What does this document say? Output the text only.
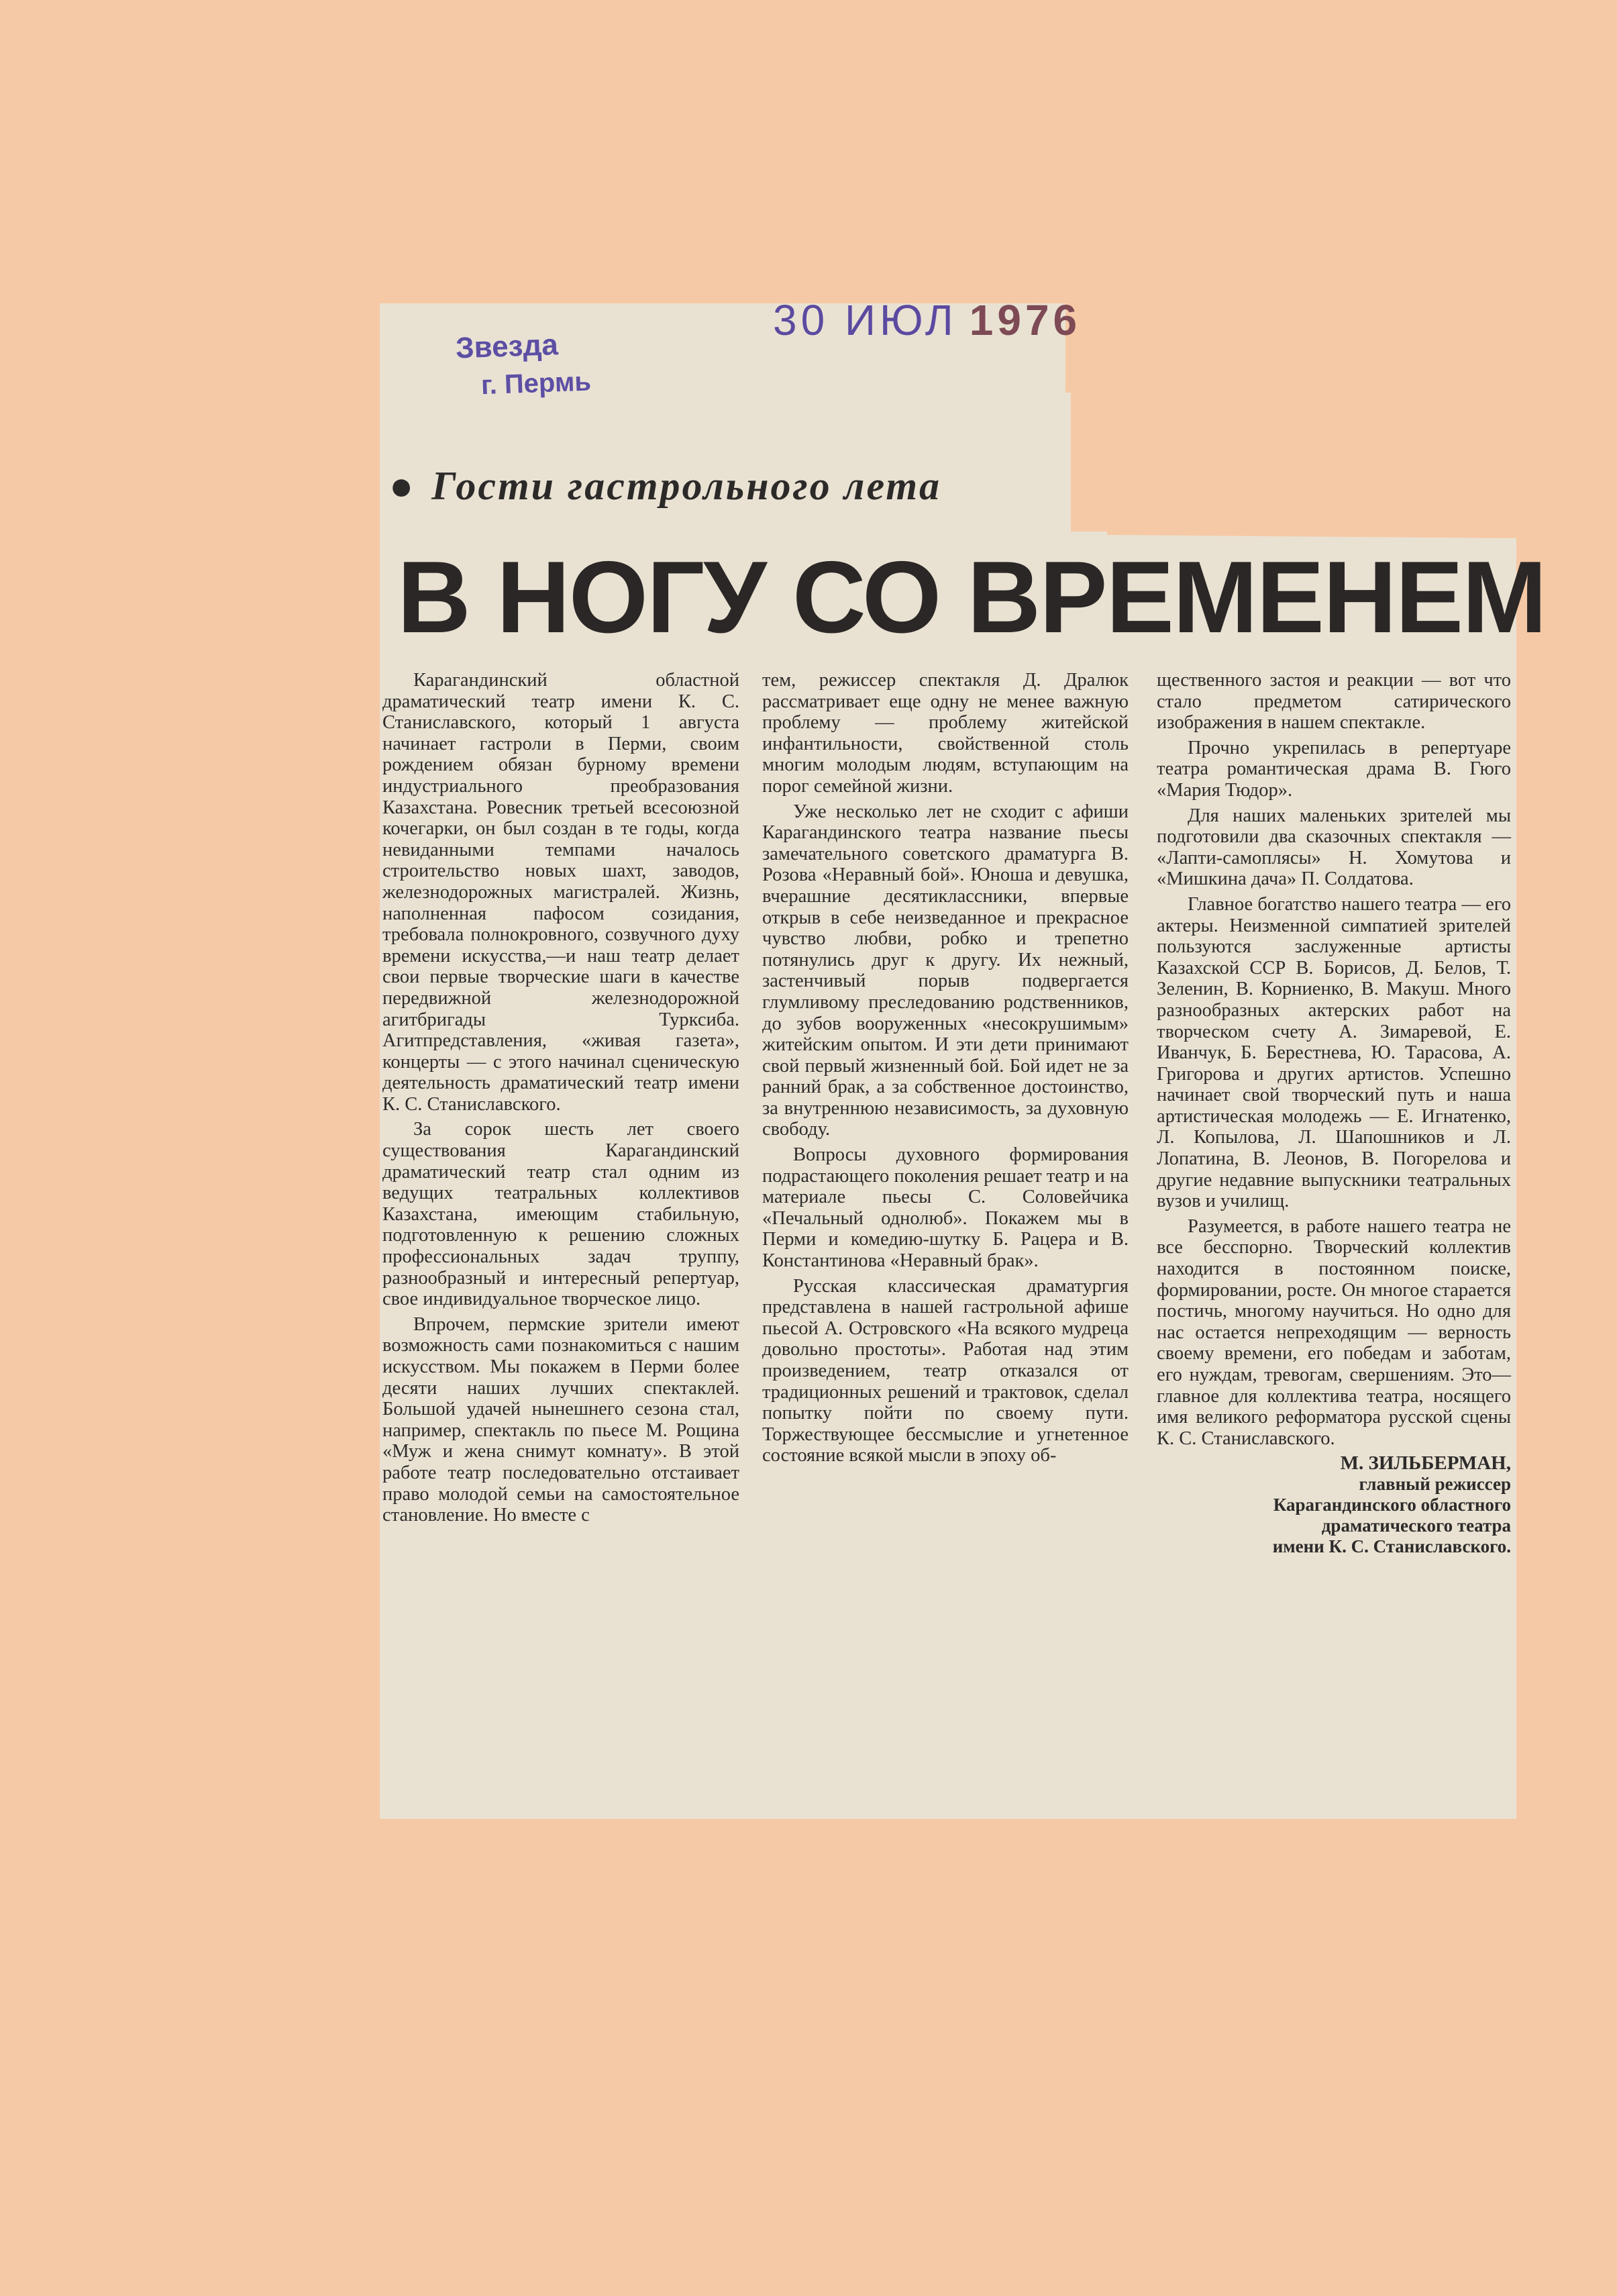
Звезда
г. Пермь
30 ИЮЛ 1976
● Гости гастрольного лета
В НОГУ СО ВРЕМЕНЕМ

Карагандинский областной драматический театр имени К. С. Станиславского, который 1 августа начинает гастроли в Перми, своим рождением обязан бурному времени индустриального преобразования Казахстана. Ровесник третьей всесоюзной кочегарки, он был создан в те годы, когда невиданными темпами началось строительство новых шахт, заводов, железнодорожных магистралей. Жизнь, наполненная пафосом созидания, требовала полнокровного, созвучного духу времени искусства,—и наш театр делает свои первые творческие шаги в качестве передвижной железнодорожной агитбригады Турксиба. Агитпредставления, «живая газета», концерты — с этого начинал сценическую деятельность драматический театр имени К. С. Станиславского.

За сорок шесть лет своего существования Карагандинский драматический театр стал одним из ведущих театральных коллективов Казахстана, имеющим стабильную, подготовленную к решению сложных профессиональных задач труппу, разнообразный и интересный репертуар, свое индивидуальное творческое лицо.

Впрочем, пермские зрители имеют возможность сами познакомиться с нашим искусством. Мы покажем в Перми более десяти наших лучших спектаклей. Большой удачей нынешнего сезона стал, например, спектакль по пьесе М. Рощина «Муж и жена снимут комнату». В этой работе театр последовательно отстаивает право молодой семьи на самостоятельное становление. Но вместе с

тем, режиссер спектакля Д. Дралюк рассматривает еще одну не менее важную проблему — проблему житейской инфантильности, свойственной столь многим молодым людям, вступающим на порог семейной жизни.

Уже несколько лет не сходит с афиши Карагандинского театра название пьесы замечательного советского драматурга В. Розова «Неравный бой». Юноша и девушка, вчерашние десятиклассники, впервые открыв в себе неизведанное и прекрасное чувство любви, робко и трепетно потянулись друг к другу. Их нежный, застенчивый порыв подвергается глумливому преследованию родственников, до зубов вооруженных «несокрушимым» житейским опытом. И эти дети принимают свой первый жизненный бой. Бой идет не за ранний брак, а за собственное достоинство, за внутреннюю независимость, за духовную свободу.

Вопросы духовного формирования подрастающего поколения решает театр и на материале пьесы С. Соловейчика «Печальный однолюб». Покажем мы в Перми и комедию-шутку Б. Рацера и В. Константинова «Неравный брак».

Русская классическая драматургия представлена в нашей гастрольной афише пьесой А. Островского «На всякого мудреца довольно простоты». Работая над этим произведением, театр отказался от традиционных решений и трактовок, сделал попытку пойти по своему пути. Торжествующее бессмыслие и угнетенное состояние всякой мысли в эпоху об-

щественного застоя и реакции — вот что стало предметом сатирического изображения в нашем спектакле.

Прочно укрепилась в репертуаре театра романтическая драма В. Гюго «Мария Тюдор».

Для наших маленьких зрителей мы подготовили два сказочных спектакля — «Лапти-самоплясы» Н. Хомутова и «Мишкина дача» П. Солдатова.

Главное богатство нашего театра — его актеры. Неизменной симпатией зрителей пользуются заслуженные артисты Казахской ССР В. Борисов, Д. Белов, Т. Зеленин, В. Корниенко, В. Макуш. Много разнообразных актерских работ на творческом счету А. Зимаревой, Е. Иванчук, Б. Берестнева, Ю. Тарасова, А. Григорова и других артистов. Успешно начинает свой творческий путь и наша артистическая молодежь — Е. Игнатенко, Л. Копылова, Л. Шапошников и Л. Лопатина, В. Леонов, В. Погорелова и другие недавние выпускники театральных вузов и училищ.

Разумеется, в работе нашего театра не все бесспорно. Творческий коллектив находится в постоянном поиске, формировании, росте. Он многое старается постичь, многому научиться. Но одно для нас остается непреходящим — верность своему времени, его победам и заботам, его нуждам, тревогам, свершениям. Это—главное для коллектива театра, носящего имя великого реформатора русской сцены К. С. Станиславского.

М. ЗИЛЬБЕРМАН,
главный режиссер
Карагандинского областного
драматического театра
имени К. С. Станиславского.
